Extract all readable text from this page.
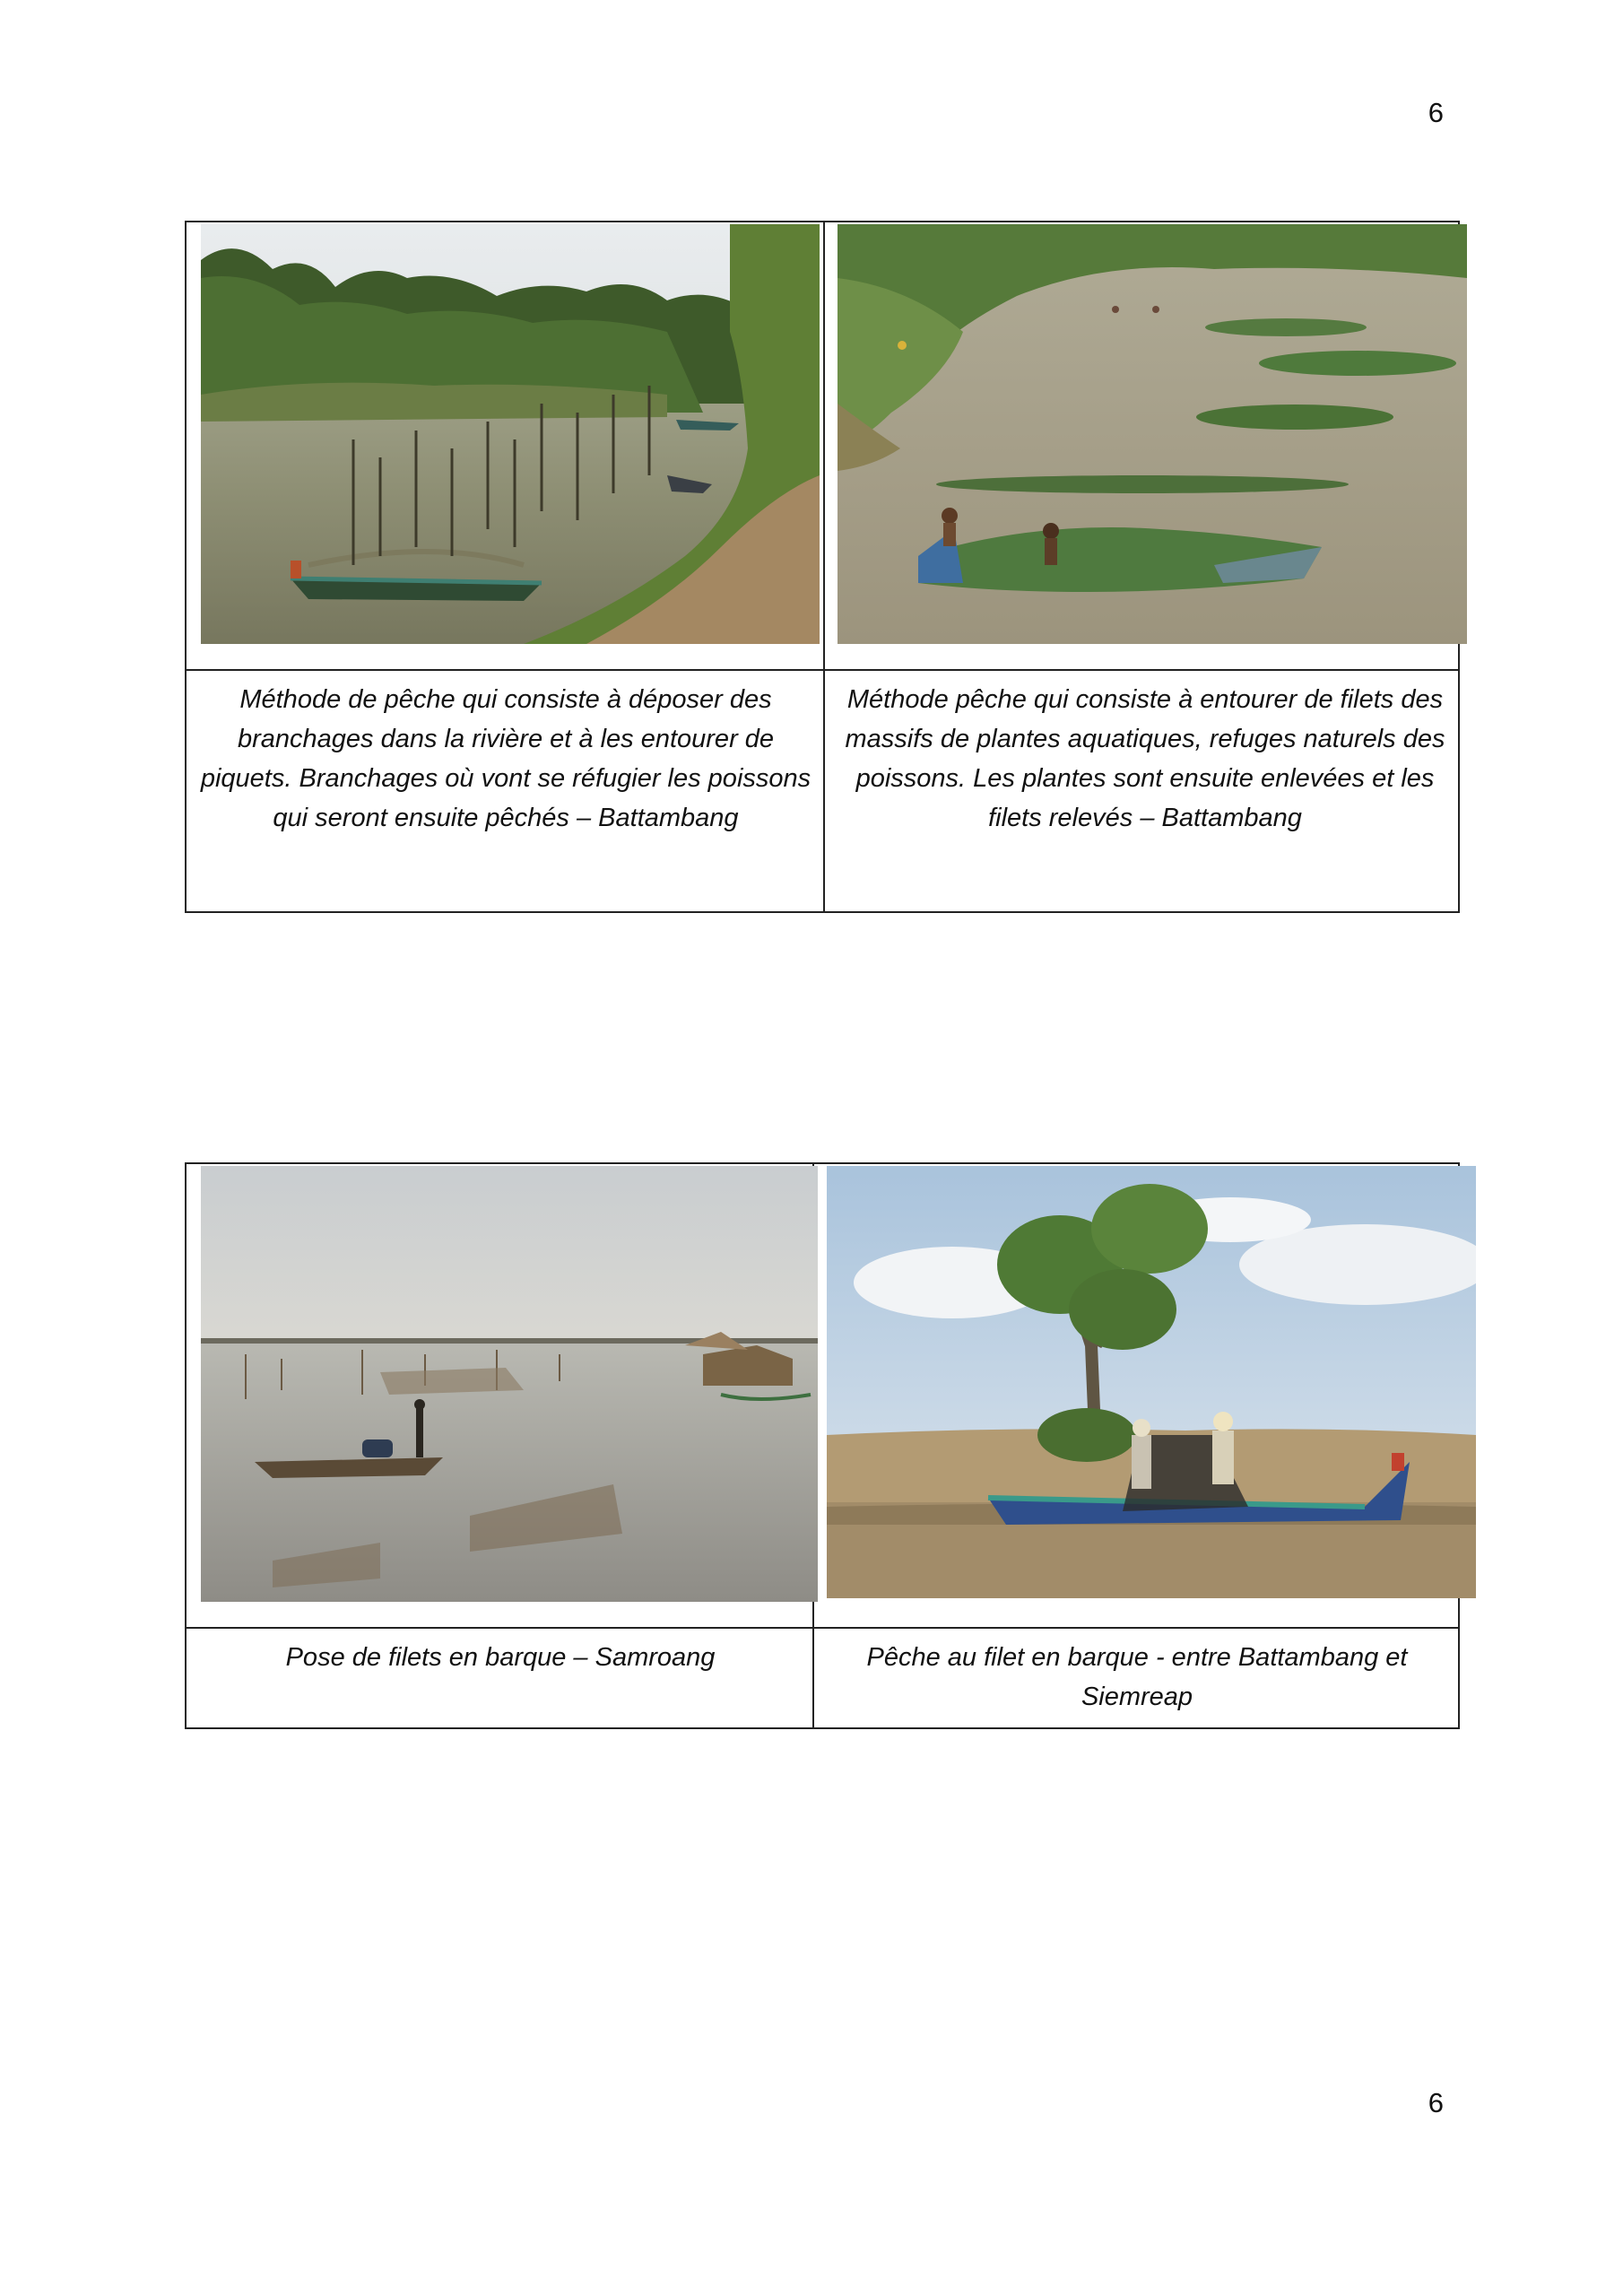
6
Méthode de pêche qui consiste à déposer des branchages dans la rivière et à les entourer de piquets. Branchages où vont se réfugier les poissons qui seront ensuite pêchés – Battambang
Méthode pêche qui consiste à entourer de filets des massifs de plantes aquatiques, refuges naturels des poissons. Les plantes sont ensuite enlevées et les filets relevés – Battambang
Pose de filets en barque – Samroang	Pêche au filet en barque - entre Battambang et Siemreap
6
